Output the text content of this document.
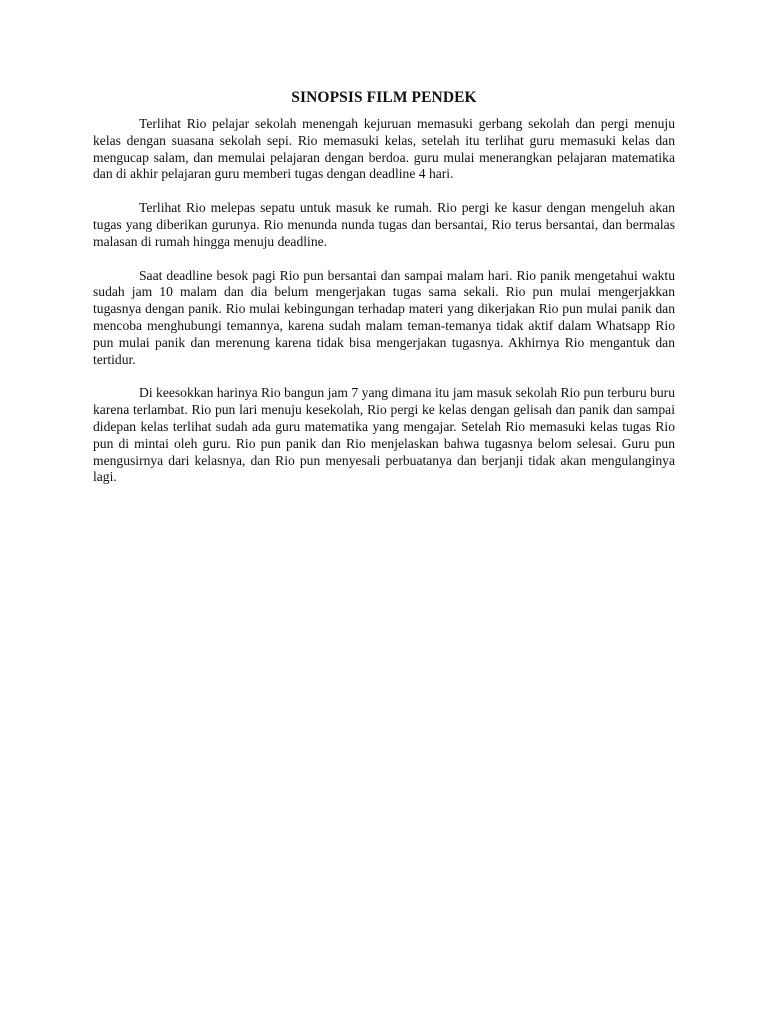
SINOPSIS FILM PENDEK

Terlihat Rio pelajar sekolah menengah kejuruan memasuki gerbang sekolah dan pergi menuju kelas dengan suasana sekolah sepi. Rio memasuki kelas, setelah itu terlihat guru memasuki kelas dan mengucap salam, dan memulai pelajaran dengan berdoa. guru mulai menerangkan pelajaran matematika dan di akhir pelajaran guru memberi tugas dengan deadline 4 hari.

Terlihat Rio melepas sepatu untuk masuk ke rumah. Rio pergi ke kasur dengan mengeluh akan tugas yang diberikan gurunya. Rio menunda nunda tugas dan bersantai, Rio terus bersantai, dan bermalas malasan di rumah hingga menuju deadline.

Saat deadline besok pagi Rio pun bersantai dan sampai malam hari. Rio panik mengetahui waktu sudah jam 10 malam dan dia belum mengerjakan tugas sama sekali. Rio pun mulai mengerjakkan tugasnya dengan panik. Rio mulai kebingungan terhadap materi yang dikerjakan Rio pun mulai panik dan mencoba menghubungi temannya, karena sudah malam teman-temanya tidak aktif dalam Whatsapp Rio pun mulai panik dan merenung karena tidak bisa mengerjakan tugasnya. Akhirnya Rio mengantuk dan tertidur.

Di keesokkan harinya Rio bangun jam 7 yang dimana itu jam masuk sekolah Rio pun terburu buru karena terlambat. Rio pun lari menuju kesekolah, Rio pergi ke kelas dengan gelisah dan panik dan sampai didepan kelas terlihat sudah ada guru matematika yang mengajar. Setelah Rio memasuki kelas tugas Rio pun di mintai oleh guru. Rio pun panik dan Rio menjelaskan bahwa tugasnya belom selesai. Guru pun mengusirnya dari kelasnya, dan Rio pun menyesali perbuatanya dan berjanji tidak akan mengulanginya lagi.
